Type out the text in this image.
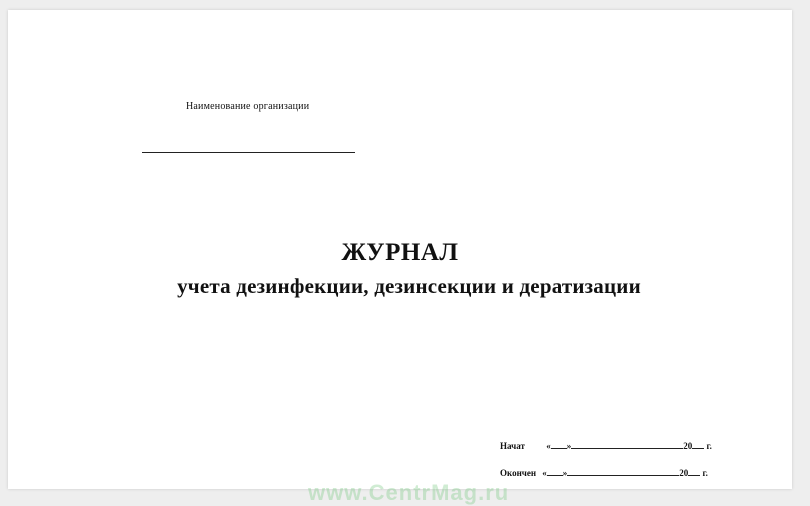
Наименование организации
ЖУРНАЛ
учета дезинфекции, дезинсекции и дератизации
Начат « »	20 г.
Окончен « »	20 г.
www.CentrMag.ru
